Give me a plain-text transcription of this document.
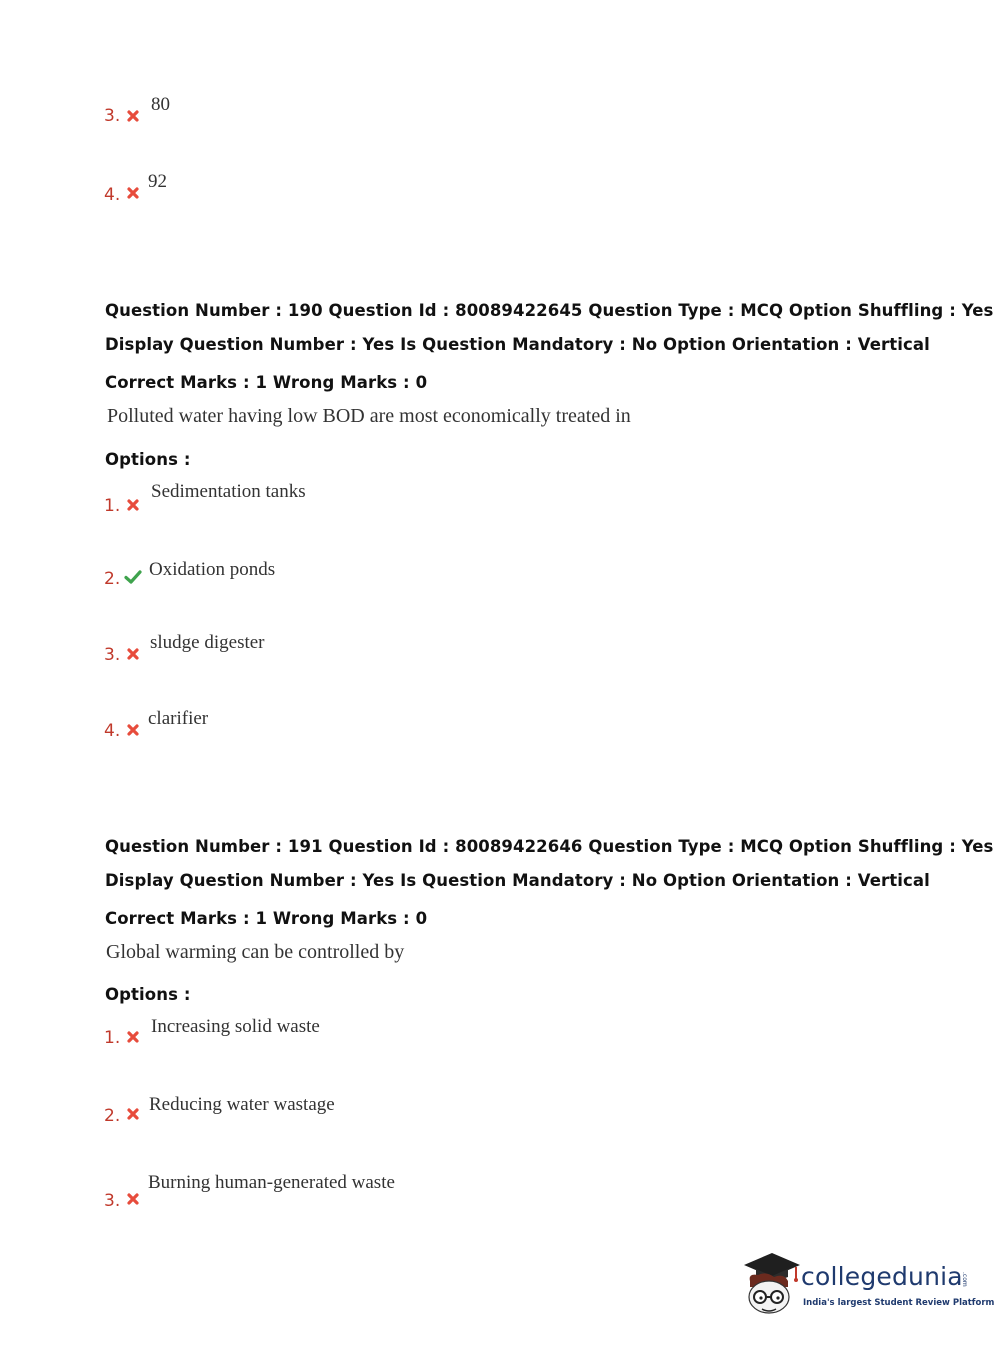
3.
80
4.
92
Question Number : 190 Question Id : 80089422645 Question Type : MCQ Option Shuffling : Yes
Display Question Number : Yes Is Question Mandatory : No Option Orientation : Vertical
Correct Marks : 1 Wrong Marks : 0
Polluted water having low BOD are most economically treated in
Options :
1.
Sedimentation tanks
2. Oxidation ponds
3.
sludge digester
4.
clarifier
Question Number : 191 Question Id : 80089422646 Question Type : MCQ Option Shuffling : Yes
Display Question Number : Yes Is Question Mandatory : No Option Orientation : Vertical
Correct Marks : 1 Wrong Marks : 0
Global warming can be controlled by
Options :
1.
Increasing solid waste
2.
Reducing water wastage
3.
Burning human-generated waste
collegedunia
.com
India's largest Student Review Platform
